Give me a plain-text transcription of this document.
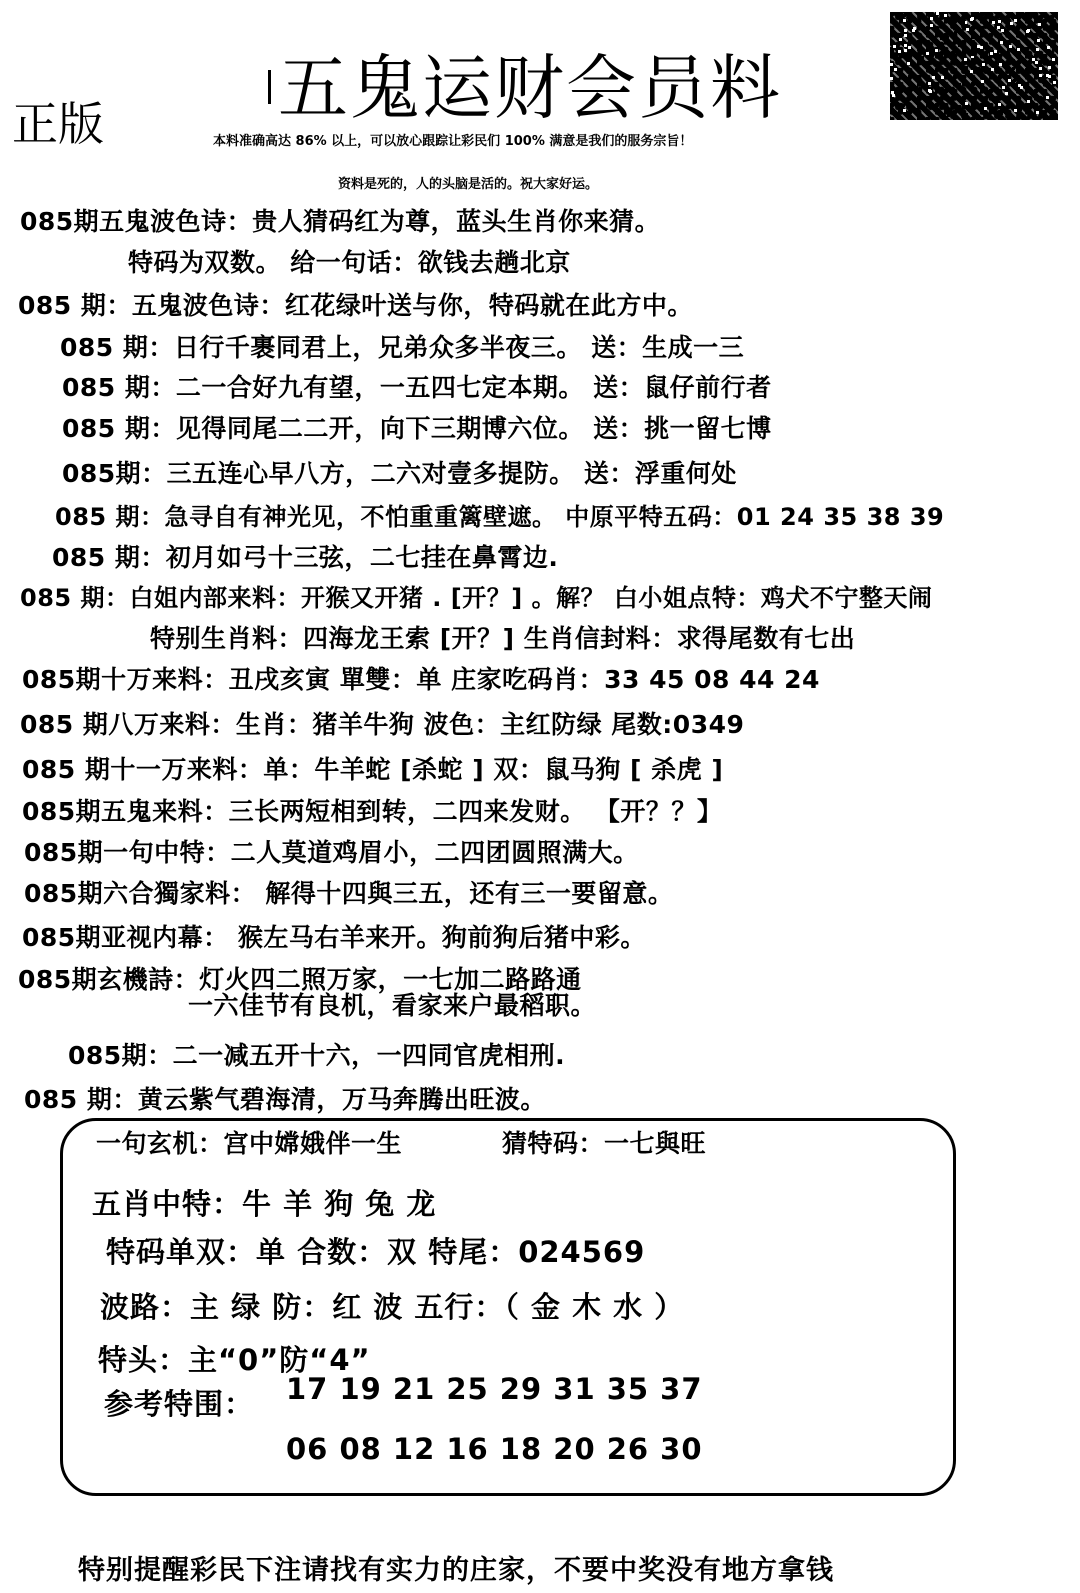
五鬼运财会员料
正版	本料准确高达 86% 以上，可以放心跟踪让彩民们 100% 满意是我们的服务宗旨！
资料是死的，人的头脑是活的。祝大家好运。
085期五鬼波色诗：贵人猜码红为尊，蓝头生肖你来猜。
特码为双数。 给一句话：欲钱去趟北京
085 期：五鬼波色诗：红花绿叶送与你，特码就在此方中。
085 期：日行千裹同君上，兄弟众多半夜三。 送：生成一三
085 期：二一合好九有望，一五四七定本期。 送：鼠仔前行者
085 期：见得同尾二二开，向下三期博六位。 送：挑一留七博
085期：三五连心早八方，二六对壹多提防。 送：浮重何处
085 期：急寻自有神光见，不怕重重篱壁遮。 中原平特五码：01 24 35 38 39
085 期：初月如弓十三弦，二七挂在鼻霄边.
085 期：白姐内部来料：开猴又开猪 . [开？] 。解？ 白小姐点特：鸡犬不宁整天闹
特别生肖料：四海龙王索 [开？] 生肖信封料：求得尾数有七出
085期十万来料：丑戌亥寅 單雙：单 庄家吃码肖：33 45 08 44 24
085 期八万来料：生肖：猪羊牛狗 波色：主红防绿 尾数:0349
085 期十一万来料：单：牛羊蛇 [杀蛇 ] 双：鼠马狗 [ 杀虎 ]
085期五鬼来料：三长两短相到转，二四来发财。 【开？？】
085期一句中特：二人莫道鸡眉小，二四团圆照满大。
085期六合獨家料： 解得十四與三五，还有三一要留意。
085期亚视内幕： 猴左马右羊来开。狗前狗后猪中彩。
085期玄機詩：灯火四二照万家，一七加二路路通
一六佳节有良机，看家来户最稻职。
085期：二一减五开十六，一四同官虎相刑.
085 期：黄云紫气碧海清，万马奔腾出旺波。
一句玄机：宫中嫦娥伴一生	猜特码：一七與旺
五肖中特：牛 羊 狗 兔 龙
特码单双：单 合数：双 特尾：024569
波路：主 绿 防：红 波 五行：（ 金 木 水 ）
特头：主“0”防“4”
参考特围： 17 19 21 25 29 31 35 37
06 08 12 16 18 20 26 30
特别提醒彩民下注请找有实力的庄家，不要中奖没有地方拿钱
